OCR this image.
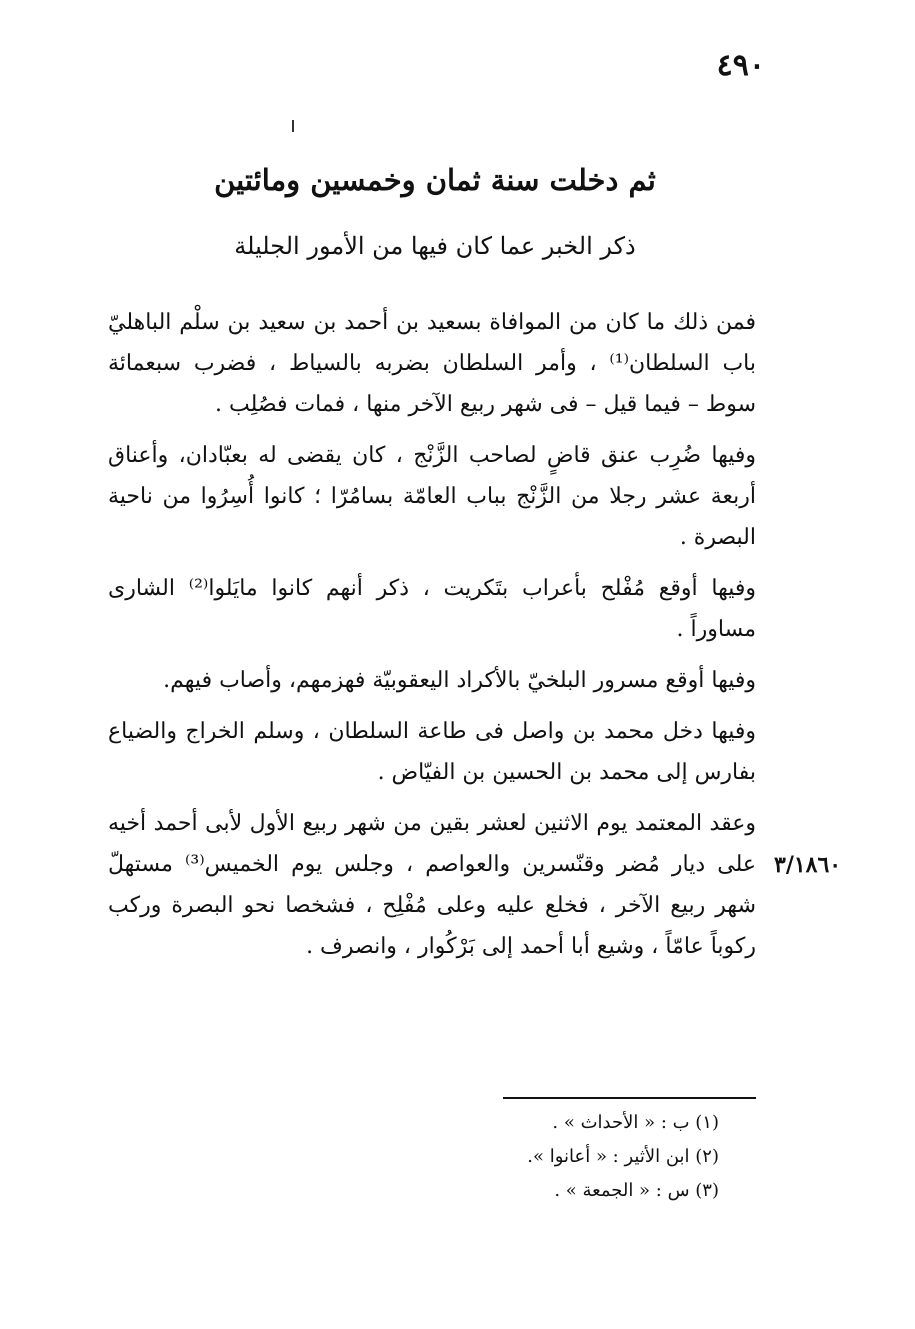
٤٩٠
ثم دخلت سنة ثمان وخمسين ومائتين
ذكر الخبر عما كان فيها من الأمور الجليلة

فمن ذلك ما كان من الموافاة بسعيد بن أحمد بن سعيد بن سلْم الباهليّ باب السلطان⁽¹⁾ ، وأمر السلطان بضربه بالسياط ، فضرب سبعمائة سوط – فيما قيل – فى شهر ربيع الآخر منها ، فمات فصُلِب .

وفيها ضُرِب عنق قاضٍ لصاحب الزَّنْج ، كان يقضى له بعبّادان، وأعناق أربعة عشر رجلا من الزَّنْج بباب العامّة بسامُرّا ؛ كانوا أُسِرُوا من ناحية البصرة .

وفيها أوقع مُفْلح بأعراب بتَكريت ، ذكر أنهم كانوا مايَلوا⁽²⁾ الشارى مساوراً .

وفيها أوقع مسرور البلخيّ بالأكراد اليعقوبيّة فهزمهم، وأصاب فيهم.

وفيها دخل محمد بن واصل فى طاعة السلطان ، وسلم الخراج والضياع بفارس إلى محمد بن الحسين بن الفيّاض .

وعقد المعتمد يوم الاثنين لعشر بقين من شهر ربيع الأول لأبى أحمد أخيه على ديار مُضر وقنّسرين والعواصم ، وجلس يوم الخميس⁽³⁾ مستهلّ شهر ربيع الآخر ، فخلع عليه وعلى مُفْلِح ، فشخصا نحو البصرة وركب ركوباً عامّاً ، وشيع أبا أحمد إلى بَرْكُوار ، وانصرف .

٣/١٨٦٠
(١) ب : « الأحداث » .
(٢) ابن الأثير : « أعانوا ».
(٣) س : « الجمعة » .
